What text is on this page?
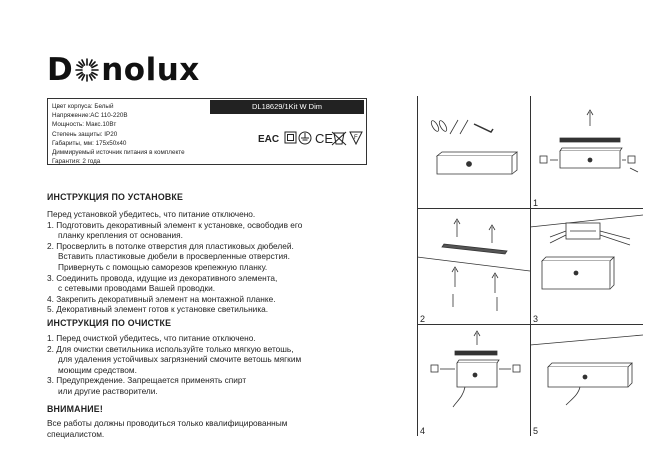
D nolux
Цвет корпуса: Белый
Напряжение:AC 110-220В
Мощность: Макс.10Вт
Степень защиты: IP20
Габариты, мм: 175x50x40
Диммируемый источник питания в комплекте
Гарантия: 2 года
DL18629/1Kit W Dim
EAC	CE	F
ИНСТРУКЦИЯ ПО УСТАНОВКЕ
Перед установкой убедитесь, что питание отключено.
1. Подготовить декоративный элемент к установке, освободив его
планку крепления от основания.
2. Просверлить в потолке отверстия для пластиковых дюбелей.
Вставить пластиковые дюбели в просверленные отверстия.
Привернуть с помощью саморезов крепежную планку.
3. Соединить провода, идущие из декоративного элемента,
с сетевыми проводами Вашей проводки.
4. Закрепить декоративный элемент на монтажной планке.
5. Декоративный элемент готов к установке светильника.
ИНСТРУКЦИЯ ПО ОЧИСТКЕ
1. Перед очисткой убедитесь, что питание отключено.
2. Для очистки светильника используйте только мягкую ветошь,
для удаления устойчивых загрязнений смочите ветошь мягким
моющим средством.
3. Предупреждение. Запрещается применять спирт
или другие растворители.
ВНИМАНИЕ!
Все работы должны проводиться только квалифицированным
специалистом.
1
2	3
4	5
